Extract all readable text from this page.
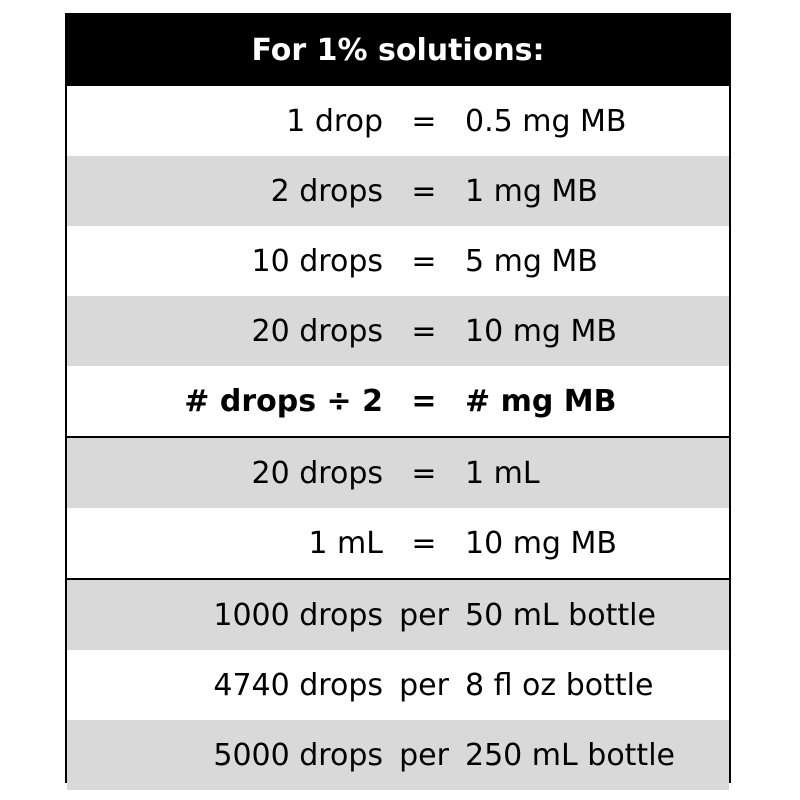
For 1% solutions:
1 drop = 0.5 mg MB
2 drops = 1 mg MB
10 drops = 5 mg MB
20 drops = 10 mg MB
# drops ÷ 2 = # mg MB
20 drops = 1 mL
1 mL = 10 mg MB
1000 drops per 50 mL bottle
4740 drops per 8 fl oz bottle
5000 drops per 250 mL bottle
